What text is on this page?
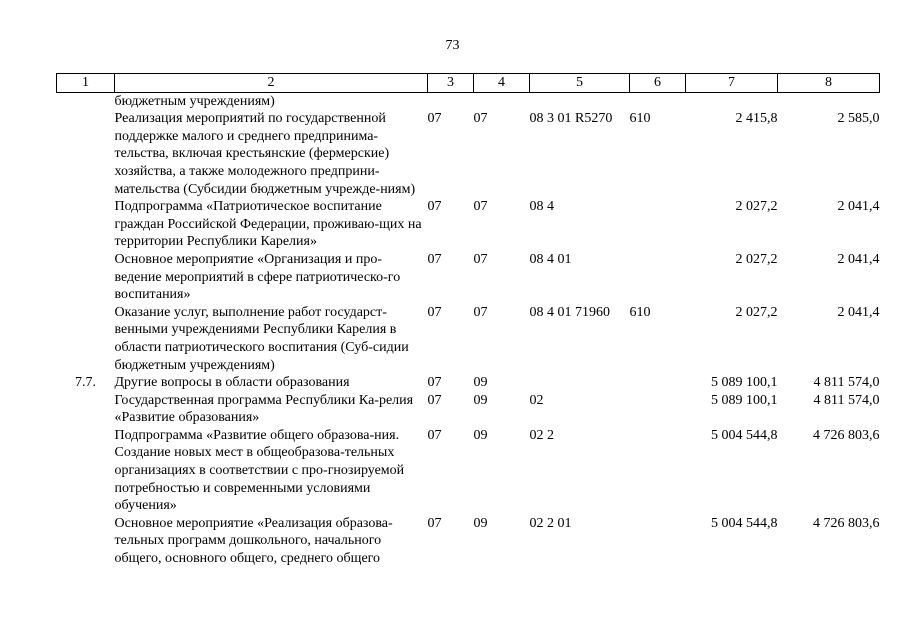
73
1	2	3	4	5	6	7	8
	бюджетным учреждениям)						
	Реализация мероприятий по государственной поддержке малого и среднего предпринима-тельства, включая крестьянские (фермерские) хозяйства, а также молодежного предприни-мательства (Субсидии бюджетным учрежде-ниям)	07	07	08 3 01 R5270	610	2 415,8	2 585,0
	Подпрограмма «Патриотическое воспитание граждан Российской Федерации, проживаю-щих на территории Республики Карелия»	07	07	08 4		2 027,2	2 041,4
	Основное мероприятие «Организация и про-ведение мероприятий в сфере патриотическо-го воспитания»	07	07	08 4 01		2 027,2	2 041,4
	Оказание услуг, выполнение работ государст-венными учреждениями Республики Карелия в области патриотического воспитания (Суб-сидии бюджетным учреждениям)	07	07	08 4 01 71960	610	2 027,2	2 041,4
7.7.	Другие вопросы в области образования	07	09			5 089 100,1	4 811 574,0
	Государственная программа Республики Ка-релия «Развитие образования»	07	09	02		5 089 100,1	4 811 574,0
	Подпрограмма «Развитие общего образова-ния. Создание новых мест в общеобразова-тельных организациях в соответствии с про-гнозируемой потребностью и современными условиями обучения»	07	09	02 2		5 004 544,8	4 726 803,6
	Основное мероприятие «Реализация образова-тельных программ дошкольного, начального общего, основного общего, среднего общего	07	09	02 2 01		5 004 544,8	4 726 803,6
